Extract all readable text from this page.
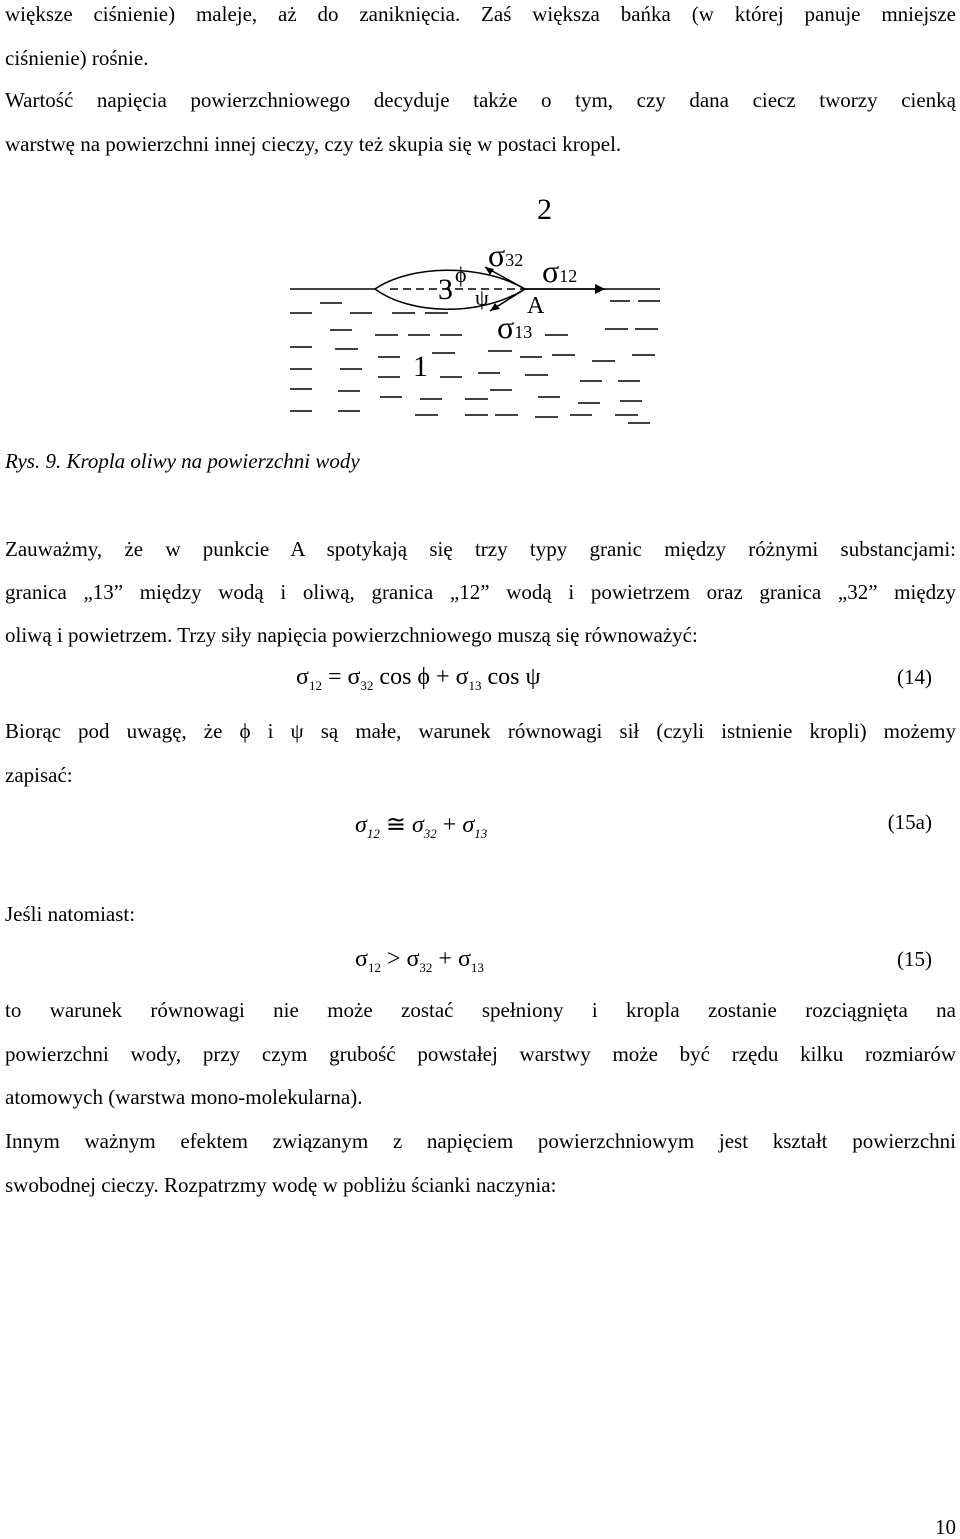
większe ciśnienie) maleje, aż do zaniknięcia. Zaś większa bańka (w której panuje mniejsze
ciśnienie) rośnie.
Wartość napięcia powierzchniowego decyduje także o tym, czy dana ciecz tworzy cienką
warstwę na powierzchni innej cieczy, czy też skupia się w postaci kropel.
2
3
1
A
ϕ
ψ
σ32 σ12
σ13
Rys. 9. Kropla oliwy na powierzchni wody
Zauważmy, że w punkcie A spotykają się trzy typy granic między różnymi substancjami:
granica „13” między wodą i oliwą, granica „12” wodą i powietrzem oraz granica „32” między
oliwą i powietrzem. Trzy siły napięcia powierzchniowego muszą się równoważyć:
$\sigma_{12} = \sigma_{32}$ $\cos \phi + \sigma_{13}$ cos ψ	(14)
Biorąc pod uwagę, że ϕ i ψ są małe, warunek równowagi sił (czyli istnienie kropli) możemy
zapisać:
$\sigma_{12}$ ≅ $\sigma_{32} + \sigma_{13}$	(15a)
Jeśli natomiast:
$\sigma_{12} > \sigma_{32} + \sigma_{13}$	(15)
to warunek równowagi nie może zostać spełniony i kropla zostanie rozciągnięta na
powierzchni wody, przy czym grubość powstałej warstwy może być rzędu kilku rozmiarów
atomowych (warstwa mono-molekularna).
Innym ważnym efektem związanym z napięciem powierzchniowym jest kształt powierzchni
swobodnej cieczy. Rozpatrzmy wodę w pobliżu ścianki naczynia:
10
